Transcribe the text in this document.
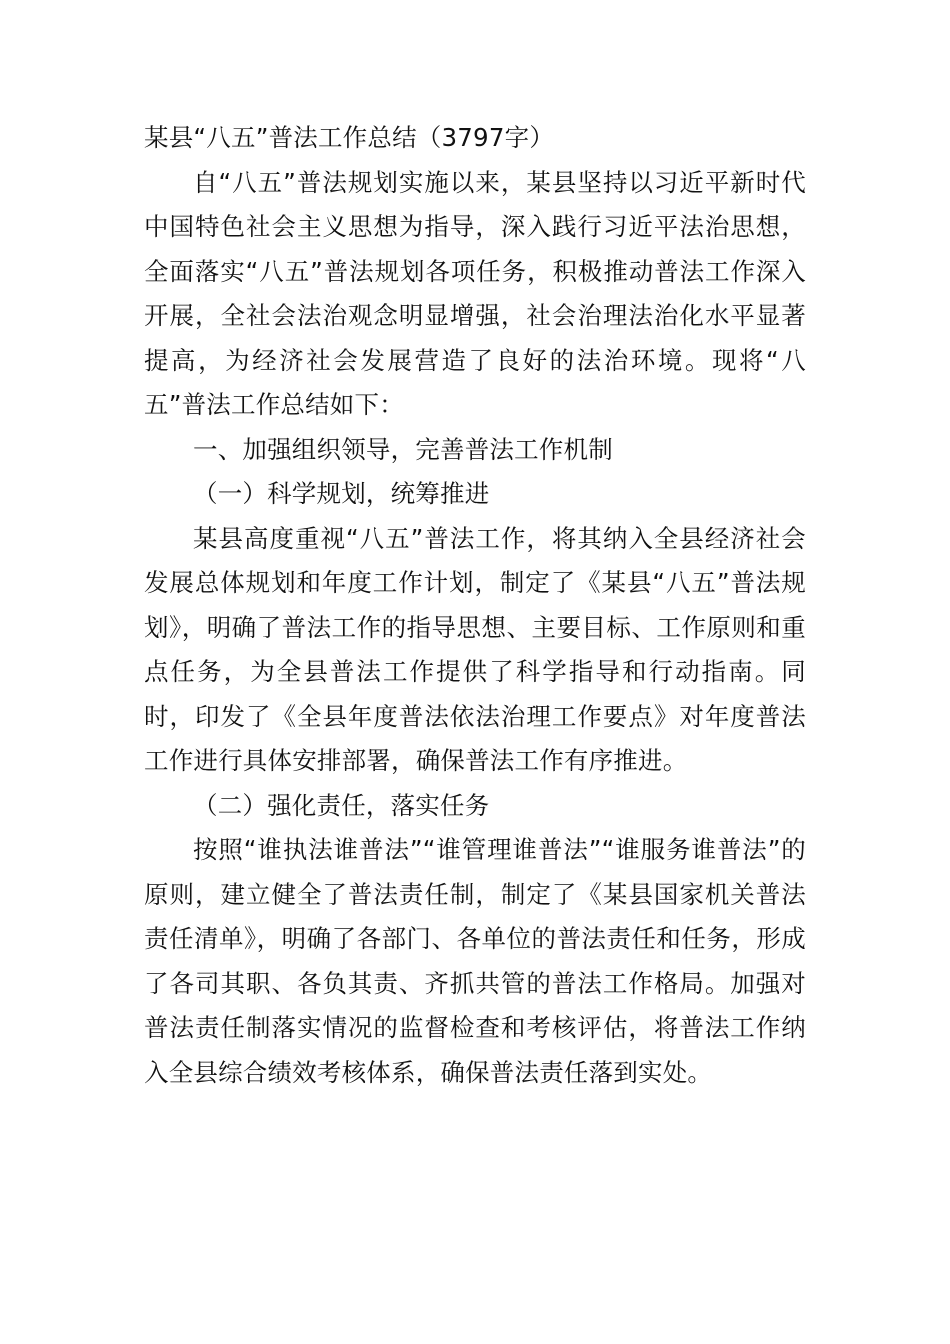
某县“八五”普法工作总结（3797字）

自“八五”普法规划实施以来，某县坚持以习近平新时代中国特色社会主义思想为指导，深入践行习近平法治思想，全面落实“八五”普法规划各项任务，积极推动普法工作深入开展，全社会法治观念明显增强，社会治理法治化水平显著提高，为经济社会发展营造了良好的法治环境。现将“八五”普法工作总结如下：

一、加强组织领导，完善普法工作机制

（一）科学规划，统筹推进

某县高度重视“八五”普法工作，将其纳入全县经济社会发展总体规划和年度工作计划，制定了《某县“八五”普法规划》，明确了普法工作的指导思想、主要目标、工作原则和重点任务，为全县普法工作提供了科学指导和行动指南。同时，印发了《全县年度普法依法治理工作要点》对年度普法工作进行具体安排部署，确保普法工作有序推进。

（二）强化责任，落实任务

按照“谁执法谁普法”“谁管理谁普法”“谁服务谁普法”的原则，建立健全了普法责任制，制定了《某县国家机关普法责任清单》，明确了各部门、各单位的普法责任和任务，形成了各司其职、各负其责、齐抓共管的普法工作格局。加强对普法责任制落实情况的监督检查和考核评估，将普法工作纳入全县综合绩效考核体系，确保普法责任落到实处。
